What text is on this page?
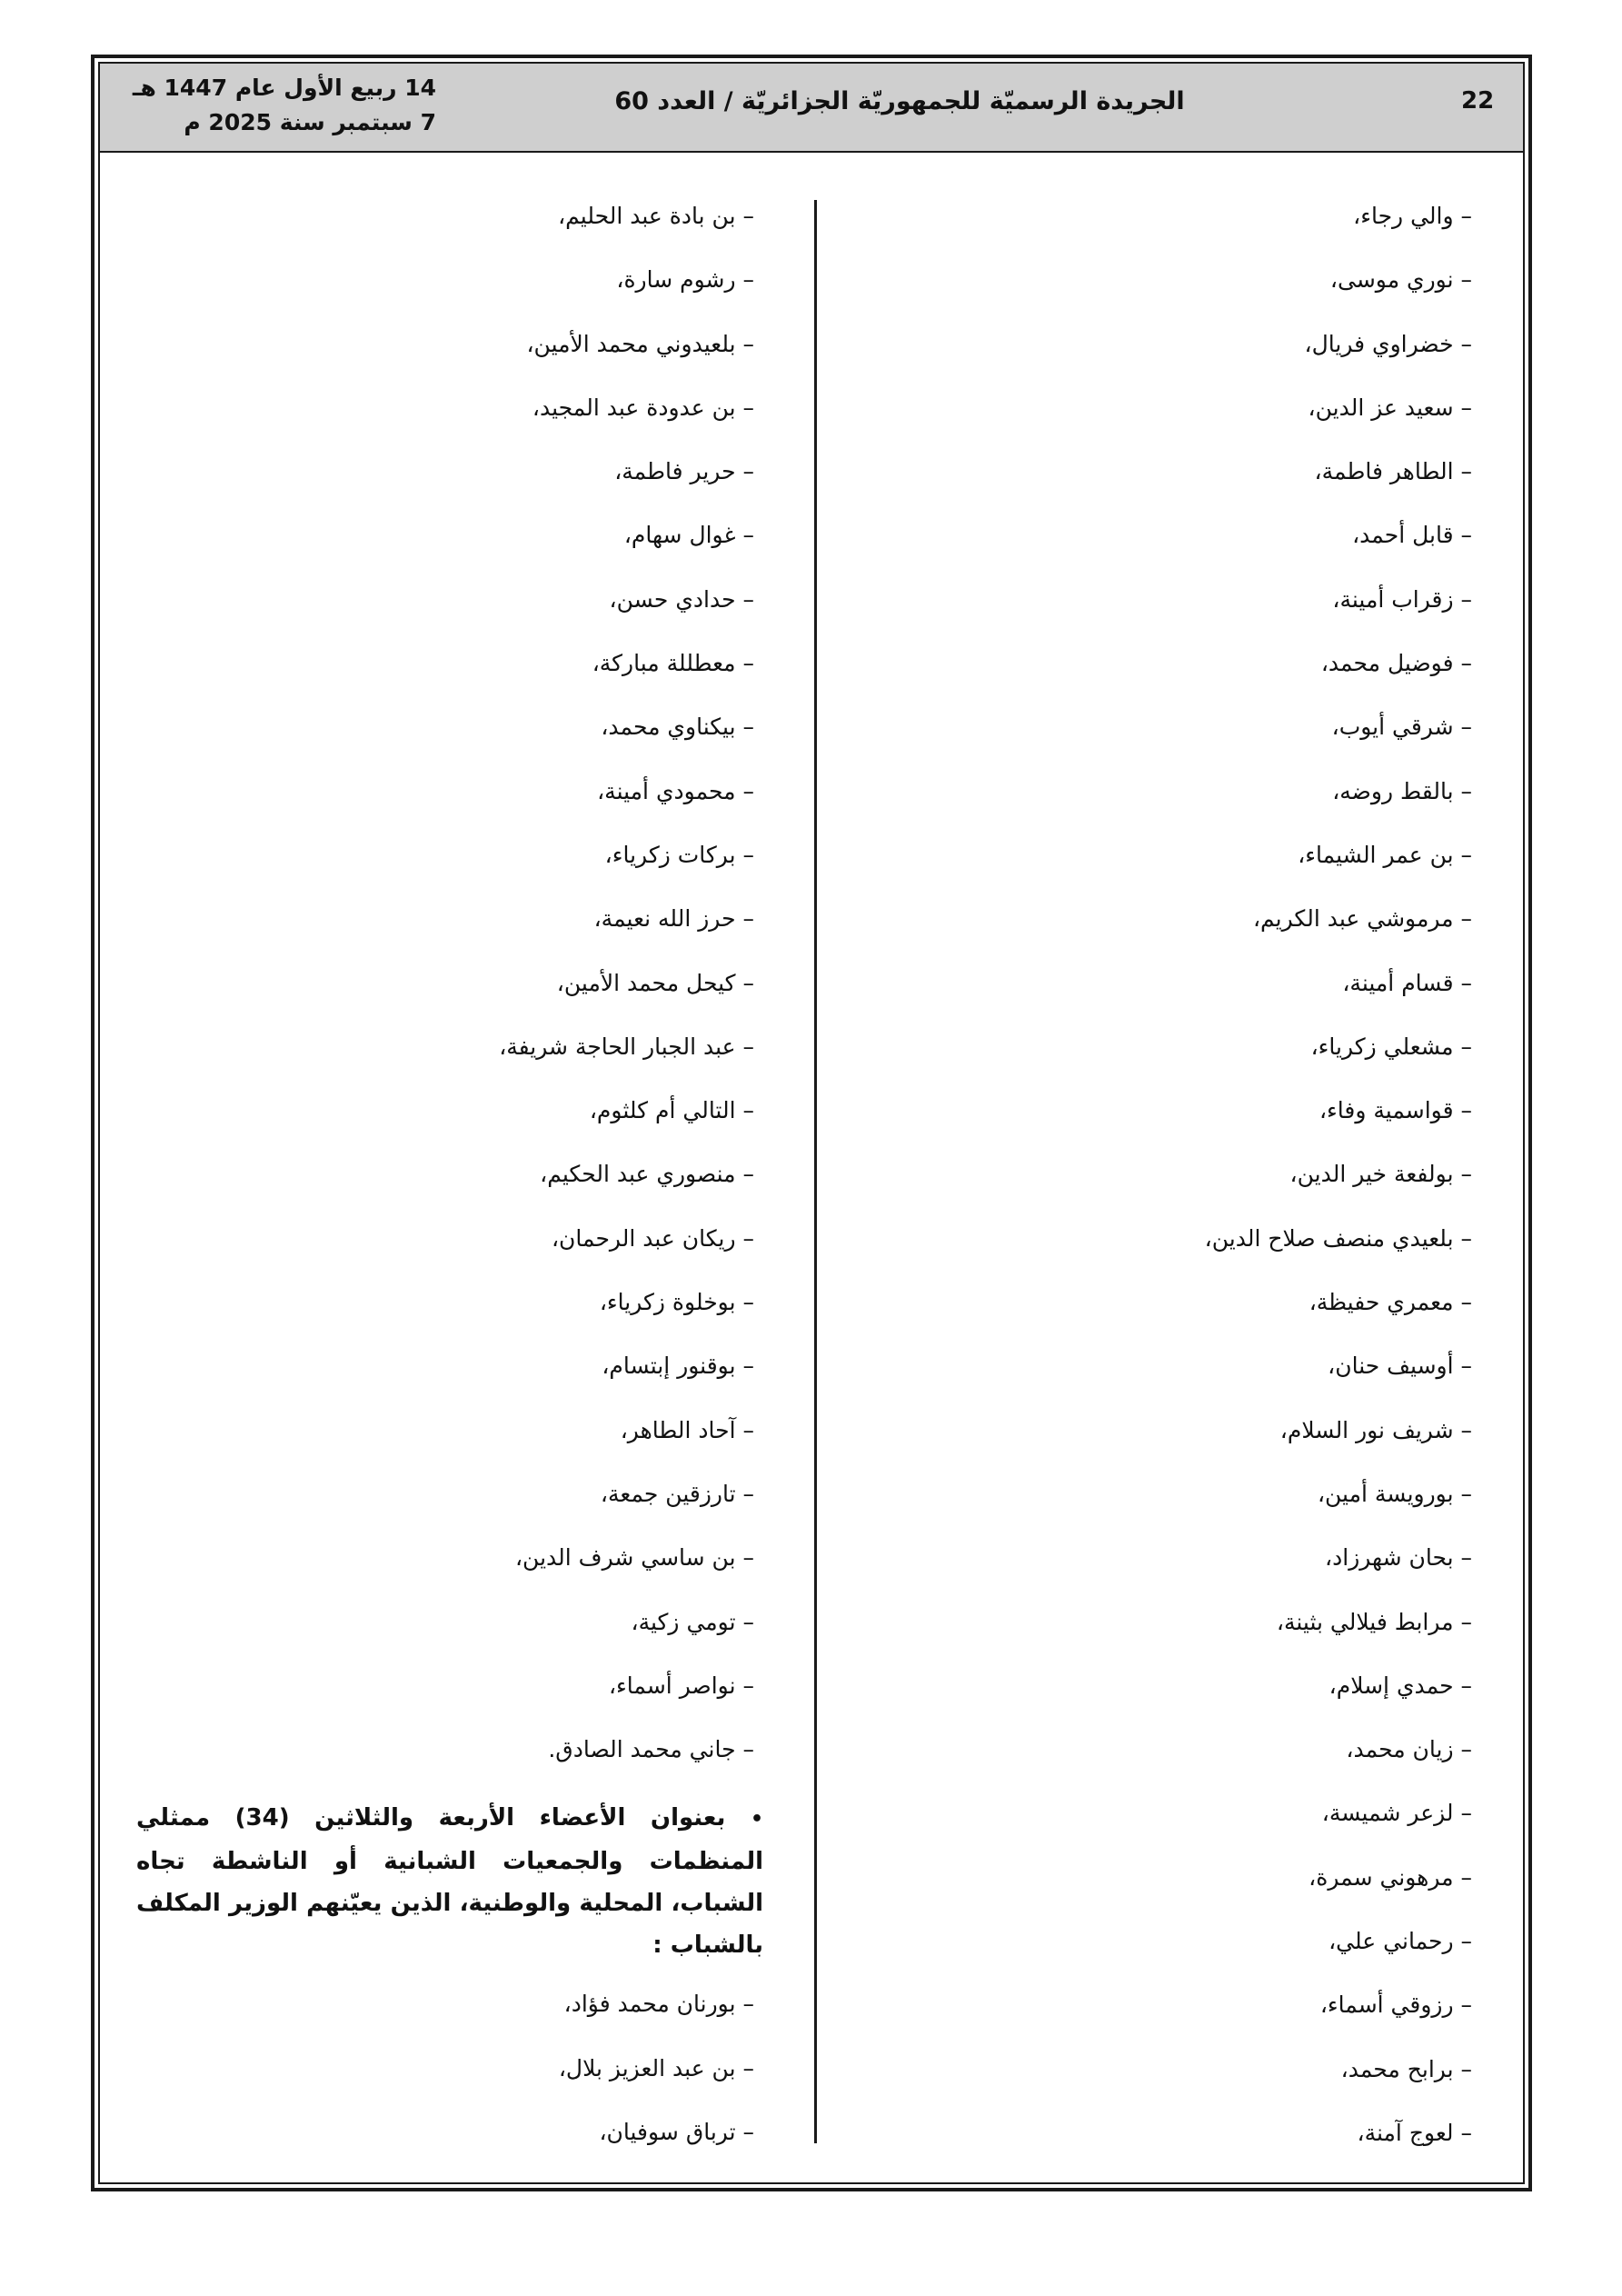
22
الجريدة الرسميّة للجمهوريّة الجزائريّة / العدد 60
14 ربيع الأول عام 1447 هـ
7 سبتمبر سنة 2025 م
– والي رجاء،
– نوري موسى،
– خضراوي فريال،
– سعيد عز الدين،
– الطاهر فاطمة،
– قابل أحمد،
– زقراب أمينة،
– فوضيل محمد،
– شرقي أيوب،
– بالقط روضه،
– بن عمر الشيماء،
– مرموشي عبد الكريم،
– قسام أمينة،
– مشعلي زكرياء،
– قواسمية وفاء،
– بولفعة خير الدين،
– بلعيدي منصف صلاح الدين،
– معمري حفيظة،
– أوسيف حنان،
– شريف نور السلام،
– بورويسة أمين،
– بحان شهرزاد،
– مرابط فيلالي بثينة،
– حمدي إسلام،
– زيان محمد،
– لزعر شميسة،
– مرهوني سمرة،
– رحماني علي،
– رزوقي أسماء،
– برابح محمد،
– لعوج آمنة،
– بن بادة عبد الحليم،
– رشوم سارة،
– بلعيدوني محمد الأمين،
– بن عدودة عبد المجيد،
– حرير فاطمة،
– غوال سهام،
– حدادي حسن،
– معطللة مباركة،
– بيكناوي محمد،
– محمودي أمينة،
– بركات زكرياء،
– حرز الله نعيمة،
– كيحل محمد الأمين،
– عبد الجبار الحاجة شريفة،
– التالي أم كلثوم،
– منصوري عبد الحكيم،
– ريكان عبد الرحمان،
– بوخلوة زكرياء،
– بوقنور إبتسام،
– آحاد الطاهر،
– تارزقين جمعة،
– بن ساسي شرف الدين،
– تومي زكية،
– نواصر أسماء،
– جاني محمد الصادق.
• بعنوان الأعضاء الأربعة والثلاثين (34) ممثلي المنظمات والجمعيات الشبانية أو الناشطة تجاه الشباب، المحلية والوطنية، الذين يعيّنهم الوزير المكلف بالشباب :
– بورنان محمد فؤاد،
– بن عبد العزيز بلال،
– ترباق سوفيان،
